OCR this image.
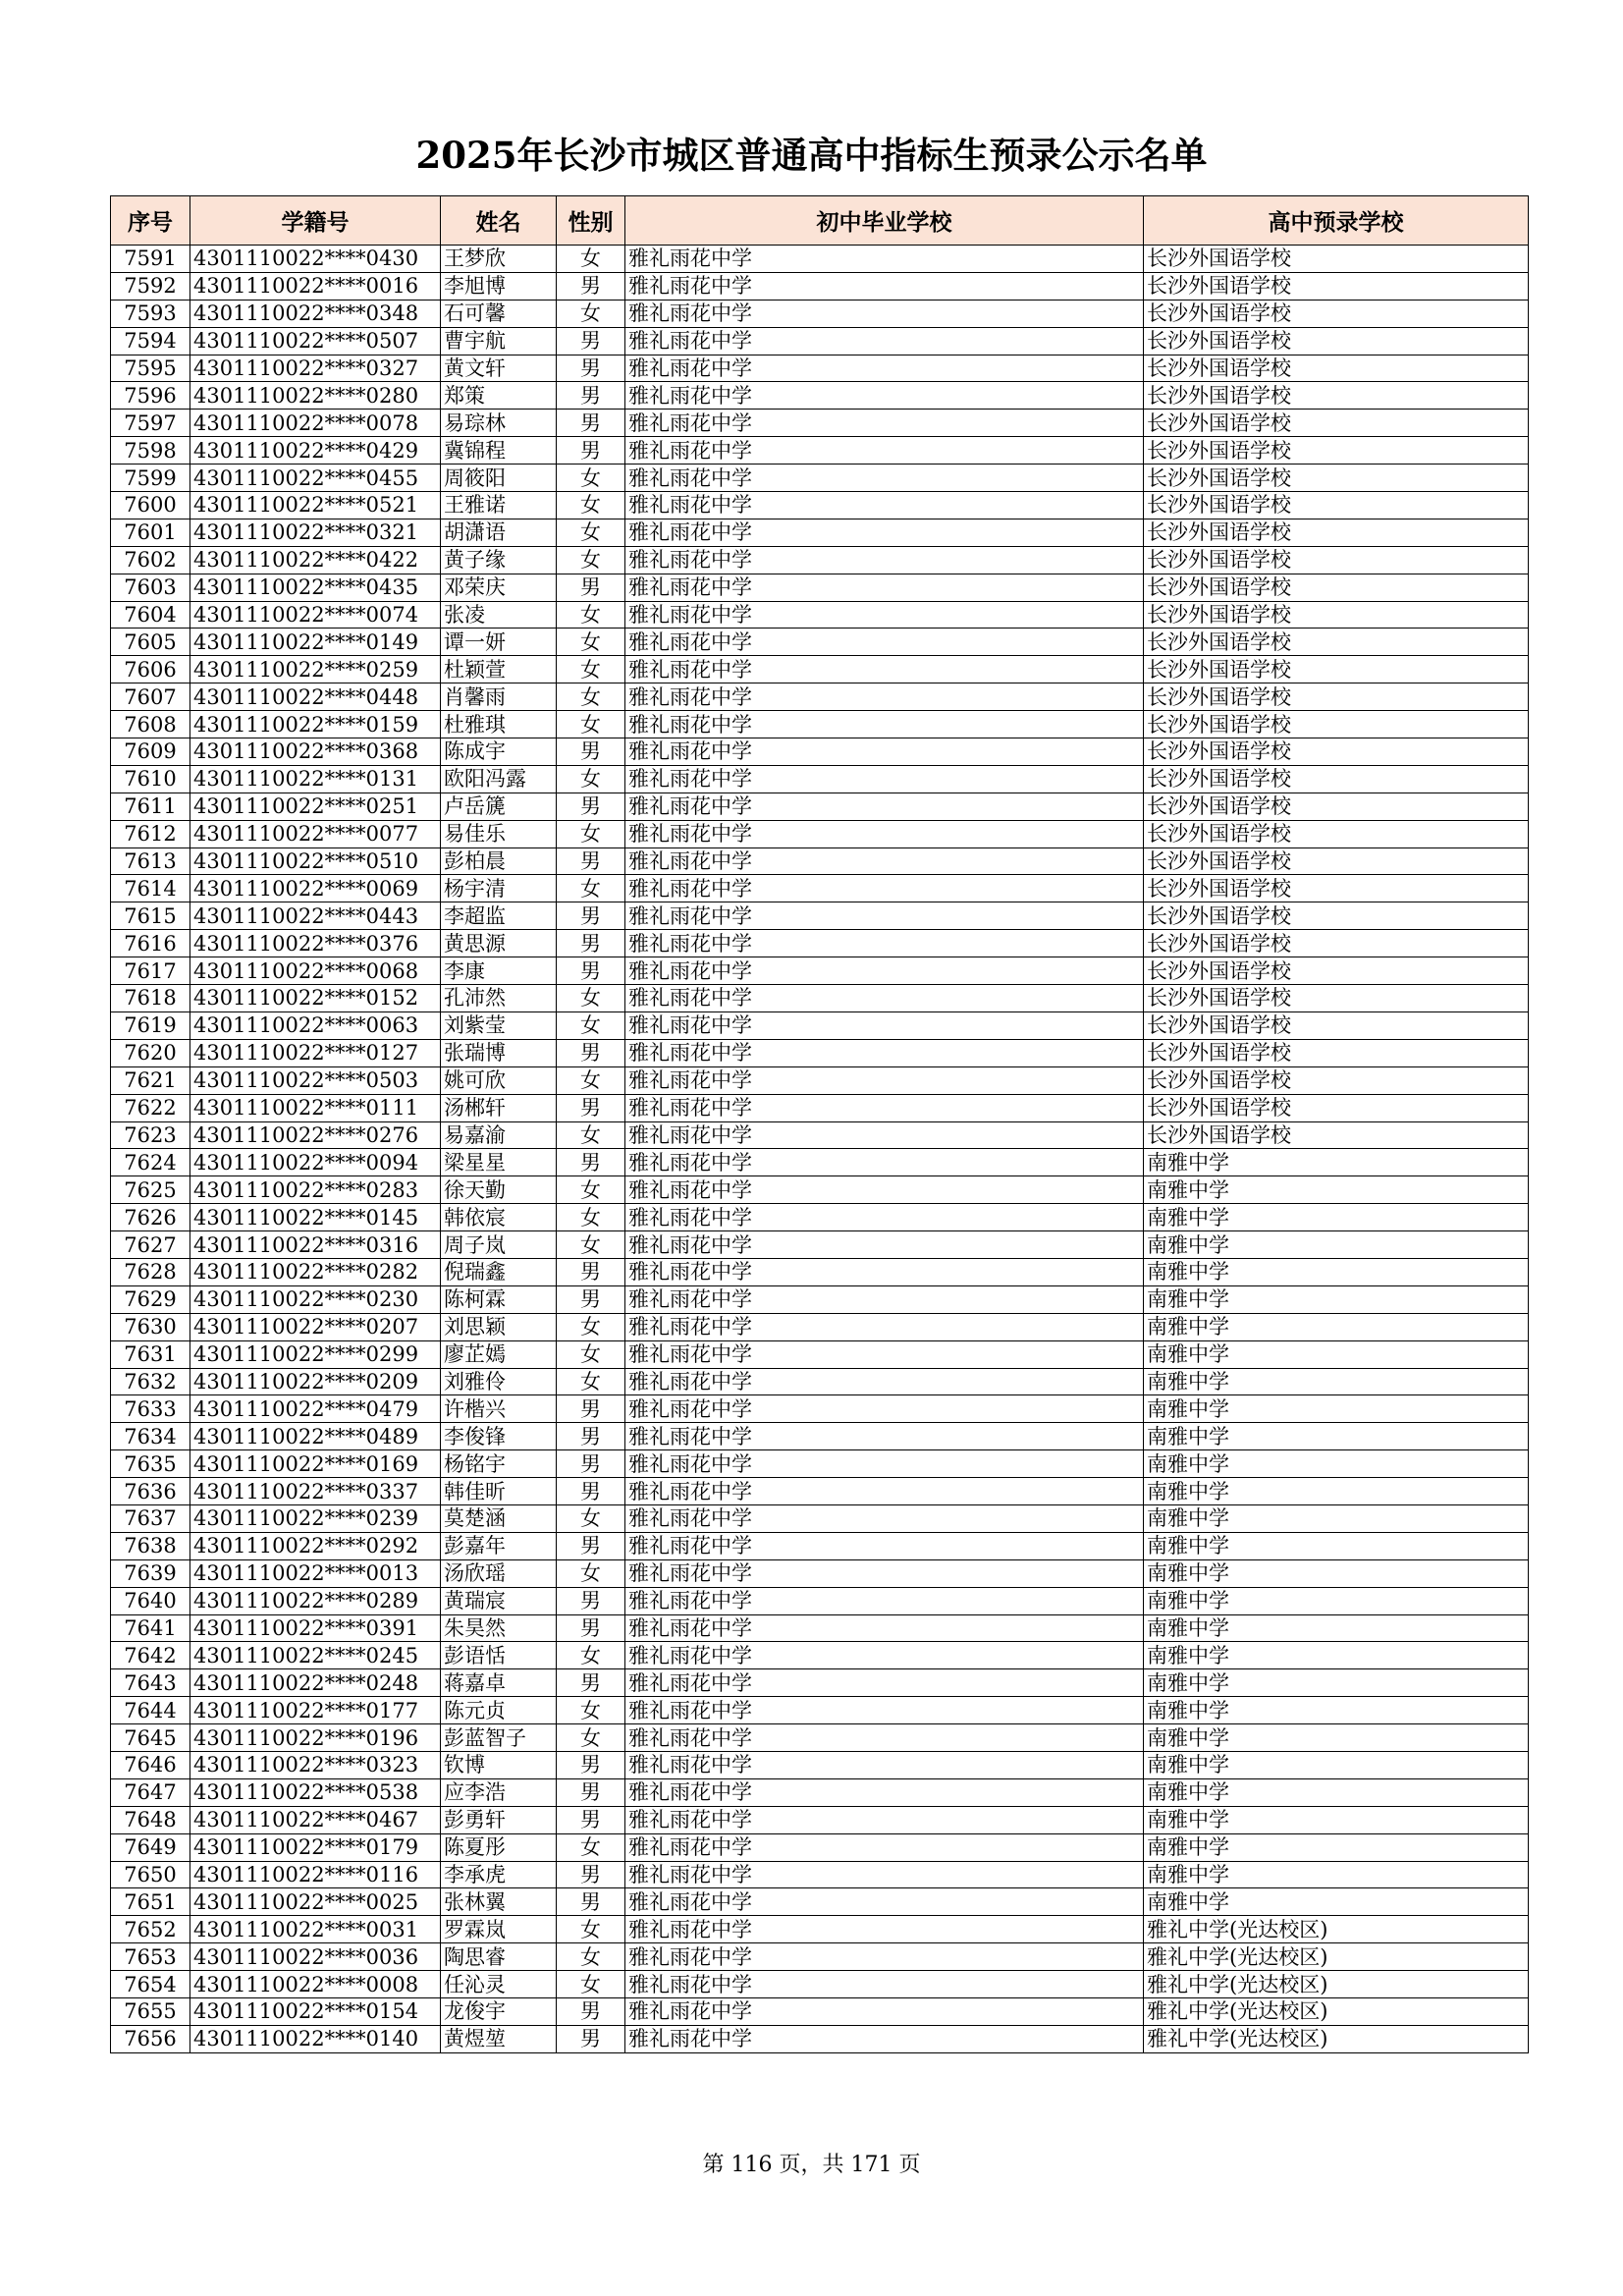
2025年长沙市城区普通高中指标生预录公示名单
序号	学籍号	姓名	性别	初中毕业学校	高中预录学校
7591	4301110022****0430	王梦欣	女	雅礼雨花中学	长沙外国语学校
7592	4301110022****0016	李旭博	男	雅礼雨花中学	长沙外国语学校
7593	4301110022****0348	石可馨	女	雅礼雨花中学	长沙外国语学校
7594	4301110022****0507	曹宇航	男	雅礼雨花中学	长沙外国语学校
7595	4301110022****0327	黄文轩	男	雅礼雨花中学	长沙外国语学校
7596	4301110022****0280	郑策	男	雅礼雨花中学	长沙外国语学校
7597	4301110022****0078	易琮林	男	雅礼雨花中学	长沙外国语学校
7598	4301110022****0429	冀锦程	男	雅礼雨花中学	长沙外国语学校
7599	4301110022****0455	周筱阳	女	雅礼雨花中学	长沙外国语学校
7600	4301110022****0521	王雅诺	女	雅礼雨花中学	长沙外国语学校
7601	4301110022****0321	胡潇语	女	雅礼雨花中学	长沙外国语学校
7602	4301110022****0422	黄子缘	女	雅礼雨花中学	长沙外国语学校
7603	4301110022****0435	邓荣庆	男	雅礼雨花中学	长沙外国语学校
7604	4301110022****0074	张凌	女	雅礼雨花中学	长沙外国语学校
7605	4301110022****0149	谭一妍	女	雅礼雨花中学	长沙外国语学校
7606	4301110022****0259	杜颖萱	女	雅礼雨花中学	长沙外国语学校
7607	4301110022****0448	肖馨雨	女	雅礼雨花中学	长沙外国语学校
7608	4301110022****0159	杜雅琪	女	雅礼雨花中学	长沙外国语学校
7609	4301110022****0368	陈成宇	男	雅礼雨花中学	长沙外国语学校
7610	4301110022****0131	欧阳冯露	女	雅礼雨花中学	长沙外国语学校
7611	4301110022****0251	卢岳篪	男	雅礼雨花中学	长沙外国语学校
7612	4301110022****0077	易佳乐	女	雅礼雨花中学	长沙外国语学校
7613	4301110022****0510	彭柏晨	男	雅礼雨花中学	长沙外国语学校
7614	4301110022****0069	杨宇清	女	雅礼雨花中学	长沙外国语学校
7615	4301110022****0443	李超监	男	雅礼雨花中学	长沙外国语学校
7616	4301110022****0376	黄思源	男	雅礼雨花中学	长沙外国语学校
7617	4301110022****0068	李康	男	雅礼雨花中学	长沙外国语学校
7618	4301110022****0152	孔沛然	女	雅礼雨花中学	长沙外国语学校
7619	4301110022****0063	刘紫莹	女	雅礼雨花中学	长沙外国语学校
7620	4301110022****0127	张瑞博	男	雅礼雨花中学	长沙外国语学校
7621	4301110022****0503	姚可欣	女	雅礼雨花中学	长沙外国语学校
7622	4301110022****0111	汤郴轩	男	雅礼雨花中学	长沙外国语学校
7623	4301110022****0276	易嘉渝	女	雅礼雨花中学	长沙外国语学校
7624	4301110022****0094	梁星星	男	雅礼雨花中学	南雅中学
7625	4301110022****0283	徐天勤	女	雅礼雨花中学	南雅中学
7626	4301110022****0145	韩依宸	女	雅礼雨花中学	南雅中学
7627	4301110022****0316	周子岚	女	雅礼雨花中学	南雅中学
7628	4301110022****0282	倪瑞鑫	男	雅礼雨花中学	南雅中学
7629	4301110022****0230	陈柯霖	男	雅礼雨花中学	南雅中学
7630	4301110022****0207	刘思颖	女	雅礼雨花中学	南雅中学
7631	4301110022****0299	廖芷嫣	女	雅礼雨花中学	南雅中学
7632	4301110022****0209	刘雅伶	女	雅礼雨花中学	南雅中学
7633	4301110022****0479	许楷兴	男	雅礼雨花中学	南雅中学
7634	4301110022****0489	李俊锋	男	雅礼雨花中学	南雅中学
7635	4301110022****0169	杨铭宇	男	雅礼雨花中学	南雅中学
7636	4301110022****0337	韩佳昕	男	雅礼雨花中学	南雅中学
7637	4301110022****0239	莫楚涵	女	雅礼雨花中学	南雅中学
7638	4301110022****0292	彭嘉年	男	雅礼雨花中学	南雅中学
7639	4301110022****0013	汤欣瑶	女	雅礼雨花中学	南雅中学
7640	4301110022****0289	黄瑞宸	男	雅礼雨花中学	南雅中学
7641	4301110022****0391	朱昊然	男	雅礼雨花中学	南雅中学
7642	4301110022****0245	彭语恬	女	雅礼雨花中学	南雅中学
7643	4301110022****0248	蒋嘉卓	男	雅礼雨花中学	南雅中学
7644	4301110022****0177	陈元贞	女	雅礼雨花中学	南雅中学
7645	4301110022****0196	彭蓝智子	女	雅礼雨花中学	南雅中学
7646	4301110022****0323	钦博	男	雅礼雨花中学	南雅中学
7647	4301110022****0538	应李浩	男	雅礼雨花中学	南雅中学
7648	4301110022****0467	彭勇轩	男	雅礼雨花中学	南雅中学
7649	4301110022****0179	陈夏彤	女	雅礼雨花中学	南雅中学
7650	4301110022****0116	李承虎	男	雅礼雨花中学	南雅中学
7651	4301110022****0025	张林翼	男	雅礼雨花中学	南雅中学
7652	4301110022****0031	罗霖岚	女	雅礼雨花中学	雅礼中学(光达校区)
7653	4301110022****0036	陶思睿	女	雅礼雨花中学	雅礼中学(光达校区)
7654	4301110022****0008	任沁灵	女	雅礼雨花中学	雅礼中学(光达校区)
7655	4301110022****0154	龙俊宇	男	雅礼雨花中学	雅礼中学(光达校区)
7656	4301110022****0140	黄煜堃	男	雅礼雨花中学	雅礼中学(光达校区)
第 116 页，共 171 页
